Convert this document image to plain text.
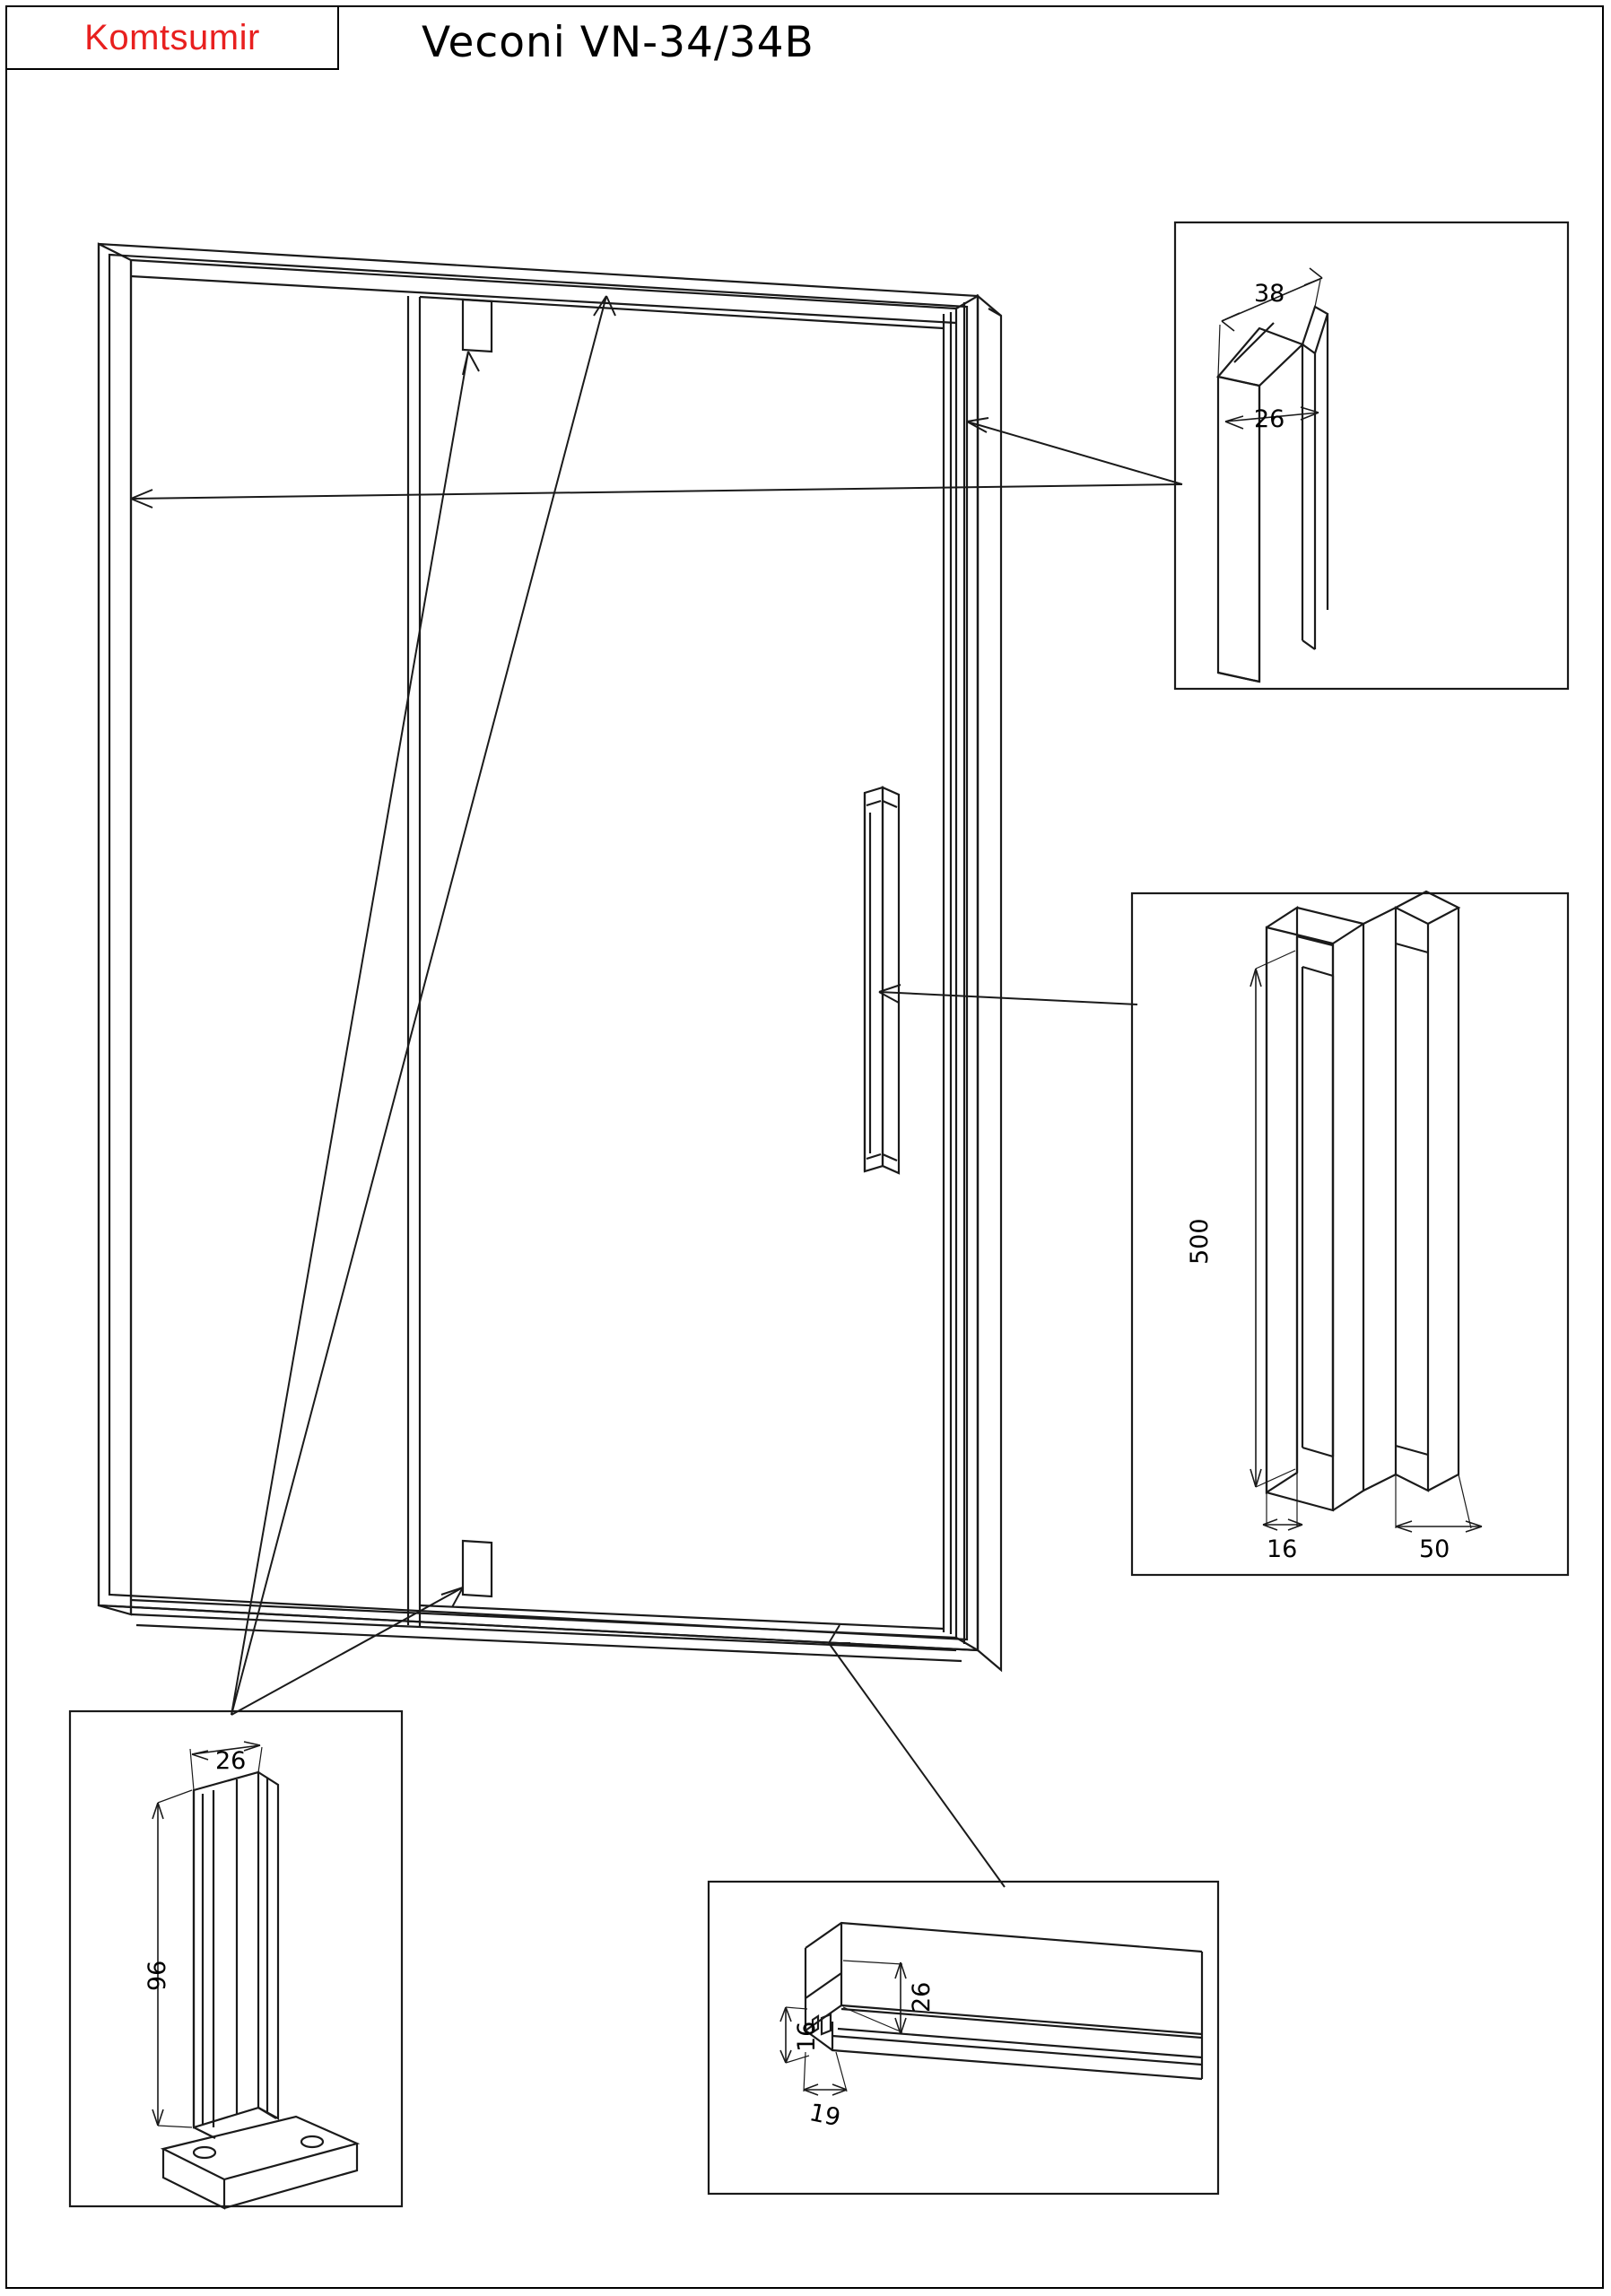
Komtsumir	Veconi VN-34/34B
38
26
500
16	50
26
96
26
16
19
